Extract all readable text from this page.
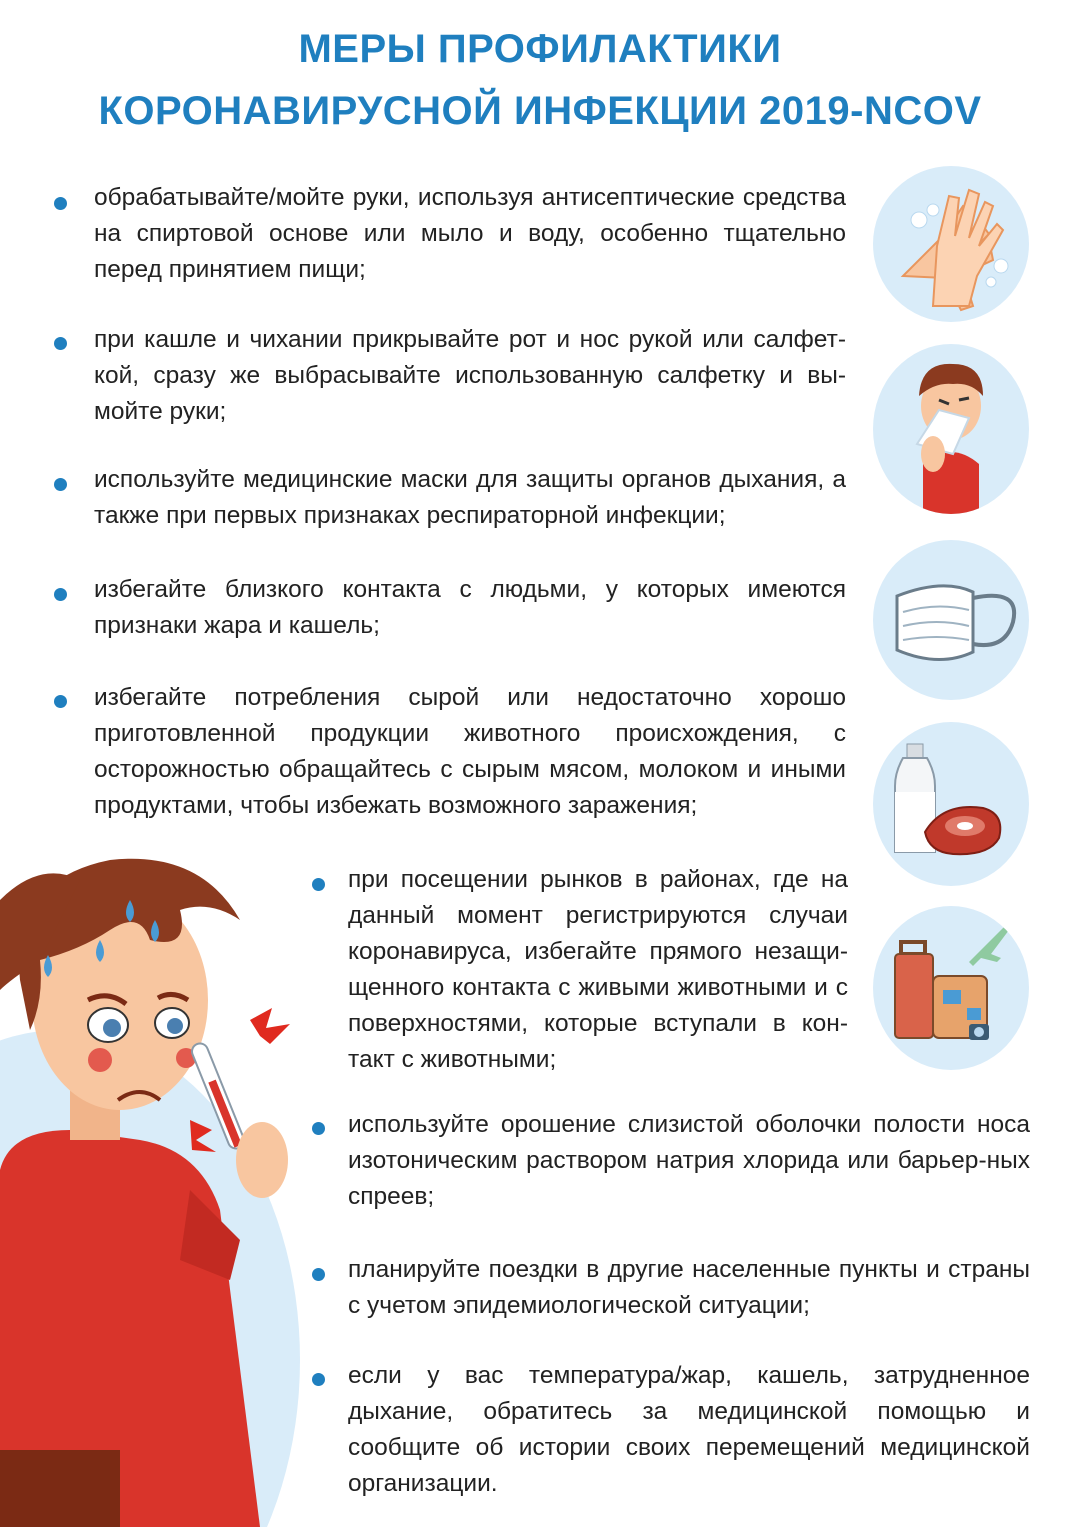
МЕРЫ ПРОФИЛАКТИКИ
КОРОНАВИРУСНОЙ ИНФЕКЦИИ 2019-NCOV
обрабатывайте/мойте руки, используя антисептические средства на спиртовой основе или мыло и воду, особенно тщательно перед принятием пищи;
при кашле и чихании прикрывайте рот и нос рукой или салфет-кой, сразу же выбрасывайте использованную салфетку и вы-мойте руки;
используйте медицинские маски для защиты органов дыхания, а также при первых признаках респираторной инфекции;
избегайте близкого контакта с людьми, у которых имеются признаки жара и кашель;
избегайте потребления сырой или недостаточно хорошо приготовленной продукции животного происхождения, с осторожностью обращайтесь с сырым мясом, молоком и иными продуктами, чтобы избежать возможного заражения;
при посещении рынков в районах, где на данный момент регистрируются случаи коронавируса, избегайте прямого незащи-щенного контакта с живыми животными и с поверхностями, которые вступали в кон-такт с животными;
используйте орошение слизистой оболочки полости носа изотоническим раствором натрия хлорида или барьер-ных спреев;
планируйте поездки в другие населенные пункты и страны с учетом эпидемиологической ситуации;
если у вас температура/жар, кашель, затрудненное дыхание, обратитесь за медицинской помощью и сообщите об истории своих перемещений медицинской организации.
